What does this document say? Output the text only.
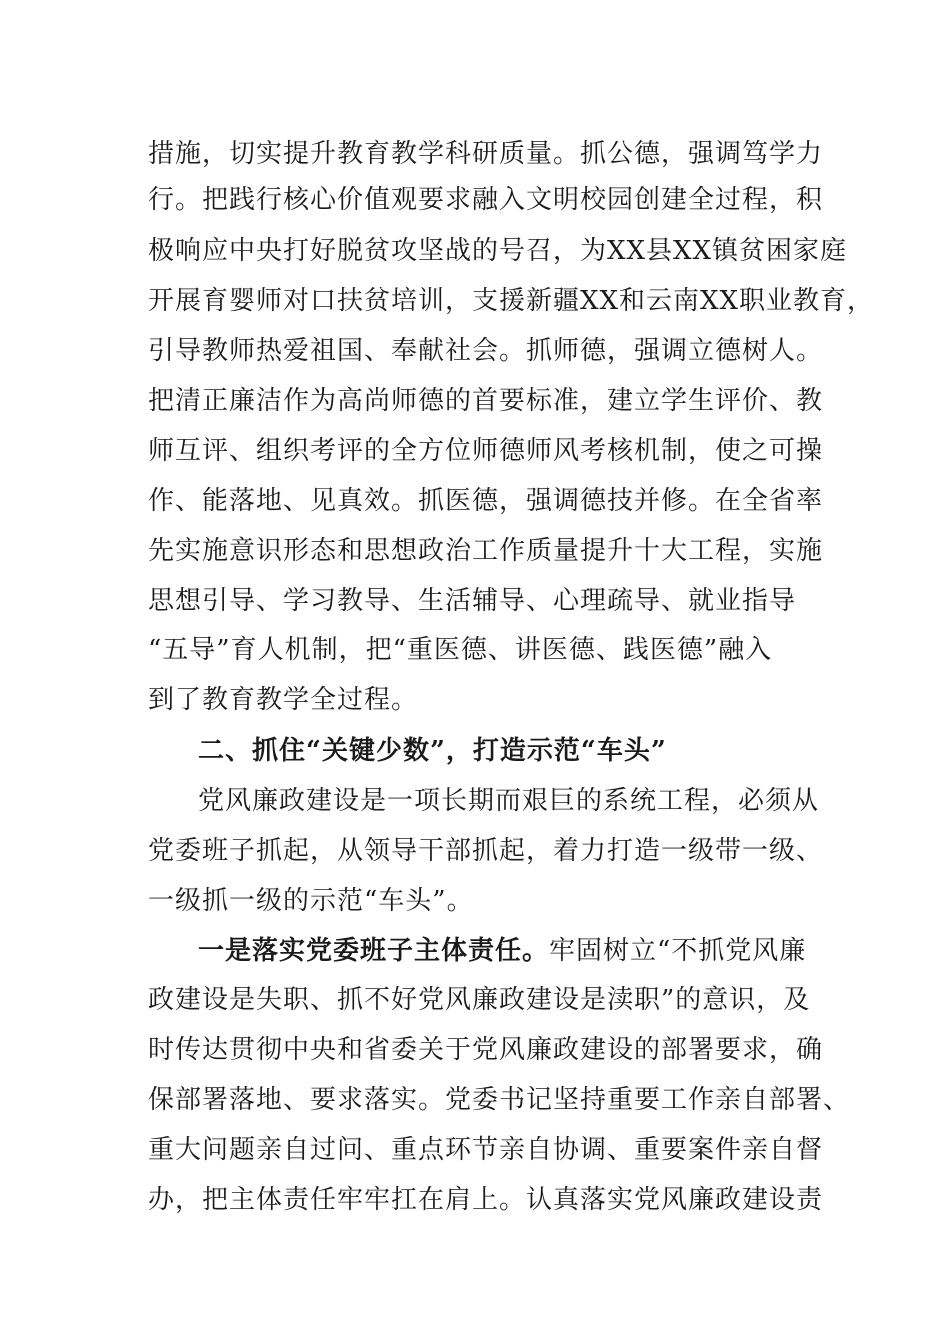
措施，切实提升教育教学科研质量。抓公德，强调笃学力
行。把践行核心价值观要求融入文明校园创建全过程，积
极响应中央打好脱贫攻坚战的号召，为XX县XX镇贫困家庭
开展育婴师对口扶贫培训，支援新疆XX和云南XX职业教育，
引导教师热爱祖国、奉献社会。抓师德，强调立德树人。
把清正廉洁作为高尚师德的首要标准，建立学生评价、教
师互评、组织考评的全方位师德师风考核机制，使之可操
作、能落地、见真效。抓医德，强调德技并修。在全省率
先实施意识形态和思想政治工作质量提升十大工程，实施
思想引导、学习教导、生活辅导、心理疏导、就业指导
“五导”育人机制，把“重医德、讲医德、践医德”融入
到了教育教学全过程。
二、抓住“关键少数”，打造示范“车头”
党风廉政建设是一项长期而艰巨的系统工程，必须从
党委班子抓起，从领导干部抓起，着力打造一级带一级、
一级抓一级的示范“车头”。
一是落实党委班子主体责任。牢固树立“不抓党风廉
政建设是失职、抓不好党风廉政建设是渎职”的意识，及
时传达贯彻中央和省委关于党风廉政建设的部署要求，确
保部署落地、要求落实。党委书记坚持重要工作亲自部署、
重大问题亲自过问、重点环节亲自协调、重要案件亲自督
办，把主体责任牢牢扛在肩上。认真落实党风廉政建设责
